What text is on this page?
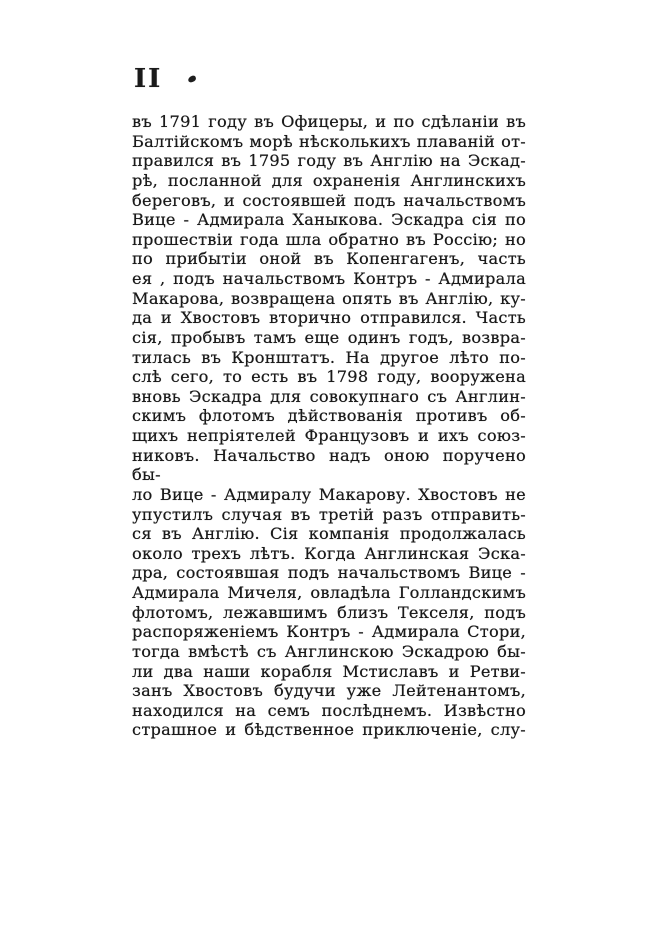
II
въ 1791 году въ Офицеры, и по сдѣланіи въ
Балтійскомъ морѣ нѣсколькихъ плаваній от-
правился въ 1795 году въ Англію на Эскад-
рѣ, посланной для охраненія Англинскихъ
береговъ, и состоявшей подъ начальствомъ
Вице - Адмирала Ханыкова. Эскадра сія по
прошествіи года шла обратно въ Россію; но
по прибытіи оной въ Копенгагенъ, часть
ея , подъ начальствомъ Контръ - Адмирала
Макарова, возвращена опять въ Англію, ку-
да и Хвостовъ вторично отправился. Часть
сія, пробывъ тамъ еще одинъ годъ, возвра-
тилась въ Кронштатъ. На другое лѣто по-
слѣ сего, то есть въ 1798 году, вооружена
вновь Эскадра для совокупнаго съ Англин-
скимъ флотомъ дѣйствованія противъ об-
щихъ непріятелей Французовъ и ихъ союз-
никовъ. Начальство надъ оною поручено бы-
ло Вице - Адмиралу Макарову. Хвостовъ не
упустилъ случая въ третій разъ отправить-
ся въ Англію. Сія компанія продолжалась
около трехъ лѣтъ. Когда Англинская Эска-
дра, состоявшая подъ начальствомъ Вице -
Адмирала Мичеля, овладѣла Голландскимъ
флотомъ, лежавшимъ близъ Текселя, подъ
распоряженіемъ Контръ - Адмирала Стори,
тогда вмѣстѣ съ Англинскою Эскадрою бы-
ли два наши корабля Мстиславъ и Ретви-
занъ Хвостовъ будучи уже Лейтенантомъ,
находился на семъ послѣднемъ. Извѣстно
страшное и бѣдственное приключеніе, слу-
